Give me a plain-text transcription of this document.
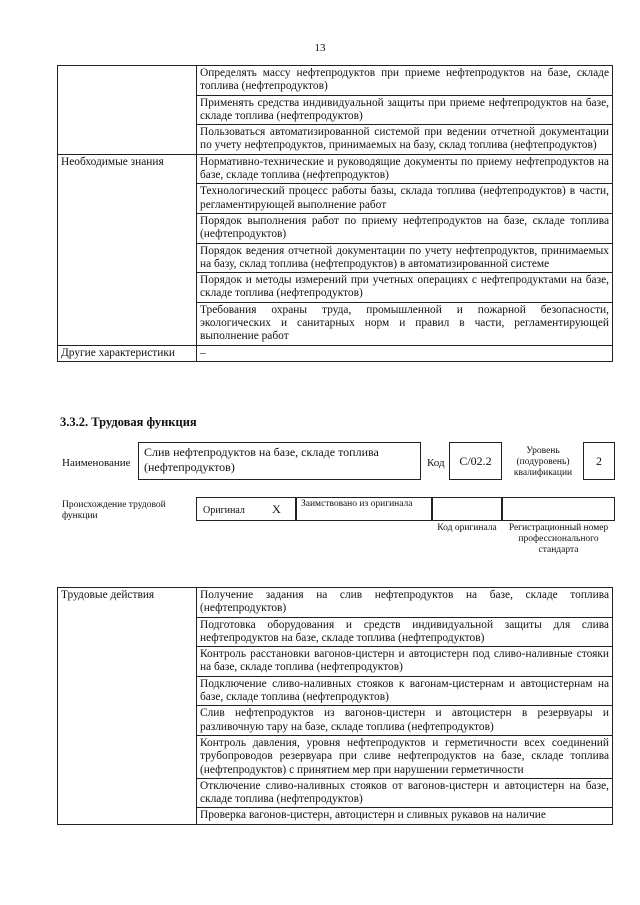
13
	Определять массу нефтепродуктов при приеме нефтепродуктов на базе, складе топлива (нефтепродуктов)
	Применять средства индивидуальной защиты при приеме нефтепродуктов на базе, складе топлива (нефтепродуктов)
	Пользоваться автоматизированной системой при ведении отчетной документации по учету нефтепродуктов, принимаемых на базу, склад топлива (нефтепродуктов)
Необходимые знания	Нормативно-технические и руководящие документы по приему нефтепродуктов на базе, складе топлива (нефтепродуктов)
	Технологический процесс работы базы, склада топлива (нефтепродуктов) в части, регламентирующей выполнение работ
	Порядок выполнения работ по приему нефтепродуктов на базе, складе топлива (нефтепродуктов)
	Порядок ведения отчетной документации по учету нефтепродуктов, принимаемых на базу, склад топлива (нефтепродуктов) в автоматизированной системе
	Порядок и методы измерений при учетных операциях с нефтепродуктами на базе, складе топлива (нефтепродуктов)
	Требования охраны труда, промышленной и пожарной безопасности, экологических и санитарных норм и правил в части, регламентирующей выполнение работ
Другие характеристики	–
3.3.2. Трудовая функция
Наименование
Слив нефтепродуктов на базе, складе топлива (нефтепродуктов)	Код	С/02.2
Уровень (подуровень) квалификации
2
Происхождение трудовой функции	Оригинал	Х	Заимствовано из оригинала
Код оригинала	Регистрационный номер профессионального стандарта
Трудовые действия	Получение задания на слив нефтепродуктов на базе, складе топлива (нефтепродуктов)
Подготовка оборудования и средств индивидуальной защиты для слива нефтепродуктов на базе, складе топлива (нефтепродуктов)
Контроль расстановки вагонов-цистерн и автоцистерн под сливо-наливные стояки на базе, складе топлива (нефтепродуктов)
Подключение сливо-наливных стояков к вагонам-цистернам и автоцистернам на базе, складе топлива (нефтепродуктов)
Слив нефтепродуктов из вагонов-цистерн и автоцистерн в резервуары и разливочную тару на базе, складе топлива (нефтепродуктов)
Контроль давления, уровня нефтепродуктов и герметичности всех соединений трубопроводов резервуара при сливе нефтепродуктов на базе, складе топлива (нефтепродуктов) с принятием мер при нарушении герметичности
Отключение сливо-наливных стояков от вагонов-цистерн и автоцистерн на базе, складе топлива (нефтепродуктов)
Проверка вагонов-цистерн, автоцистерн и сливных рукавов на наличие
